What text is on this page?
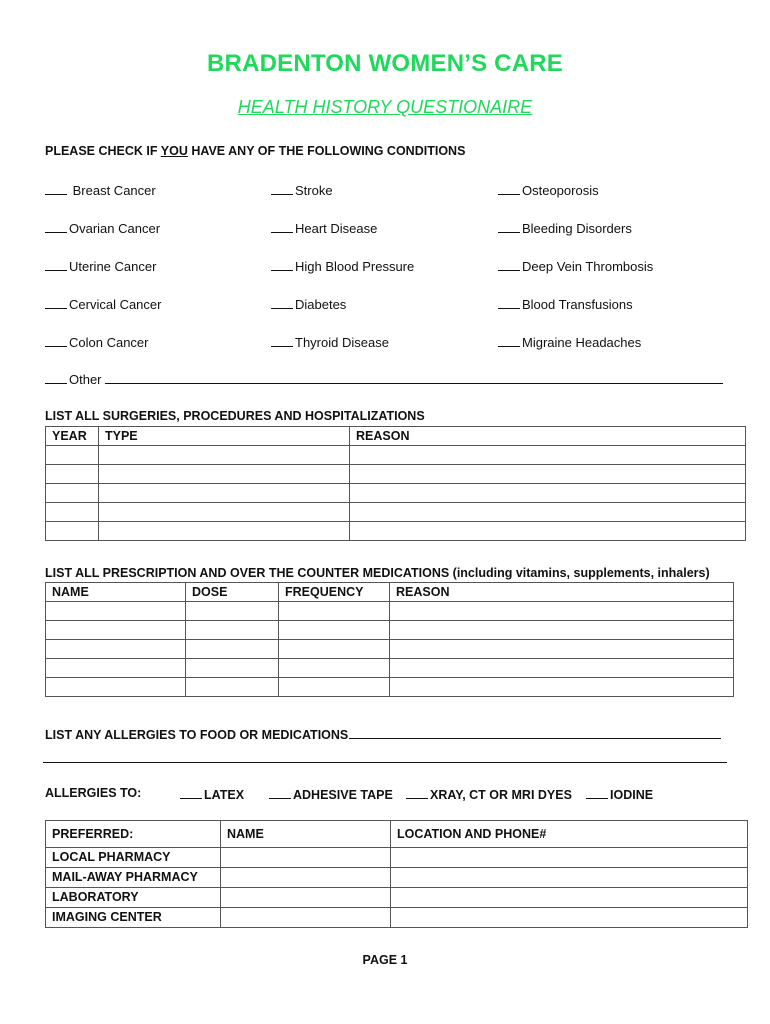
BRADENTON WOMEN’S CARE
HEALTH HISTORY QUESTIONAIRE
PLEASE CHECK IF YOU HAVE ANY OF THE FOLLOWING CONDITIONS
Breast Cancer
Ovarian Cancer
Uterine Cancer
Cervical Cancer
Colon Cancer
Stroke
Heart Disease
High Blood Pressure
Diabetes
Thyroid Disease
Osteoporosis
Bleeding Disorders
Deep Vein Thrombosis
Blood Transfusions
Migraine Headaches
Other
LIST ALL SURGERIES, PROCEDURES AND HOSPITALIZATIONS
YEAR	TYPE	REASON

LIST ALL PRESCRIPTION AND OVER THE COUNTER MEDICATIONS (including vitamins, supplements, inhalers)
NAME	DOSE	FREQUENCY	REASON

LIST ANY ALLERGIES TO FOOD OR MEDICATIONS
ALLERGIES TO:	LATEX	ADHESIVE TAPE	XRAY, CT OR MRI DYES	IODINE
PREFERRED:	NAME	LOCATION AND PHONE#
LOCAL PHARMACY		
MAIL-AWAY PHARMACY		
LABORATORY		
IMAGING CENTER		
PAGE 1
